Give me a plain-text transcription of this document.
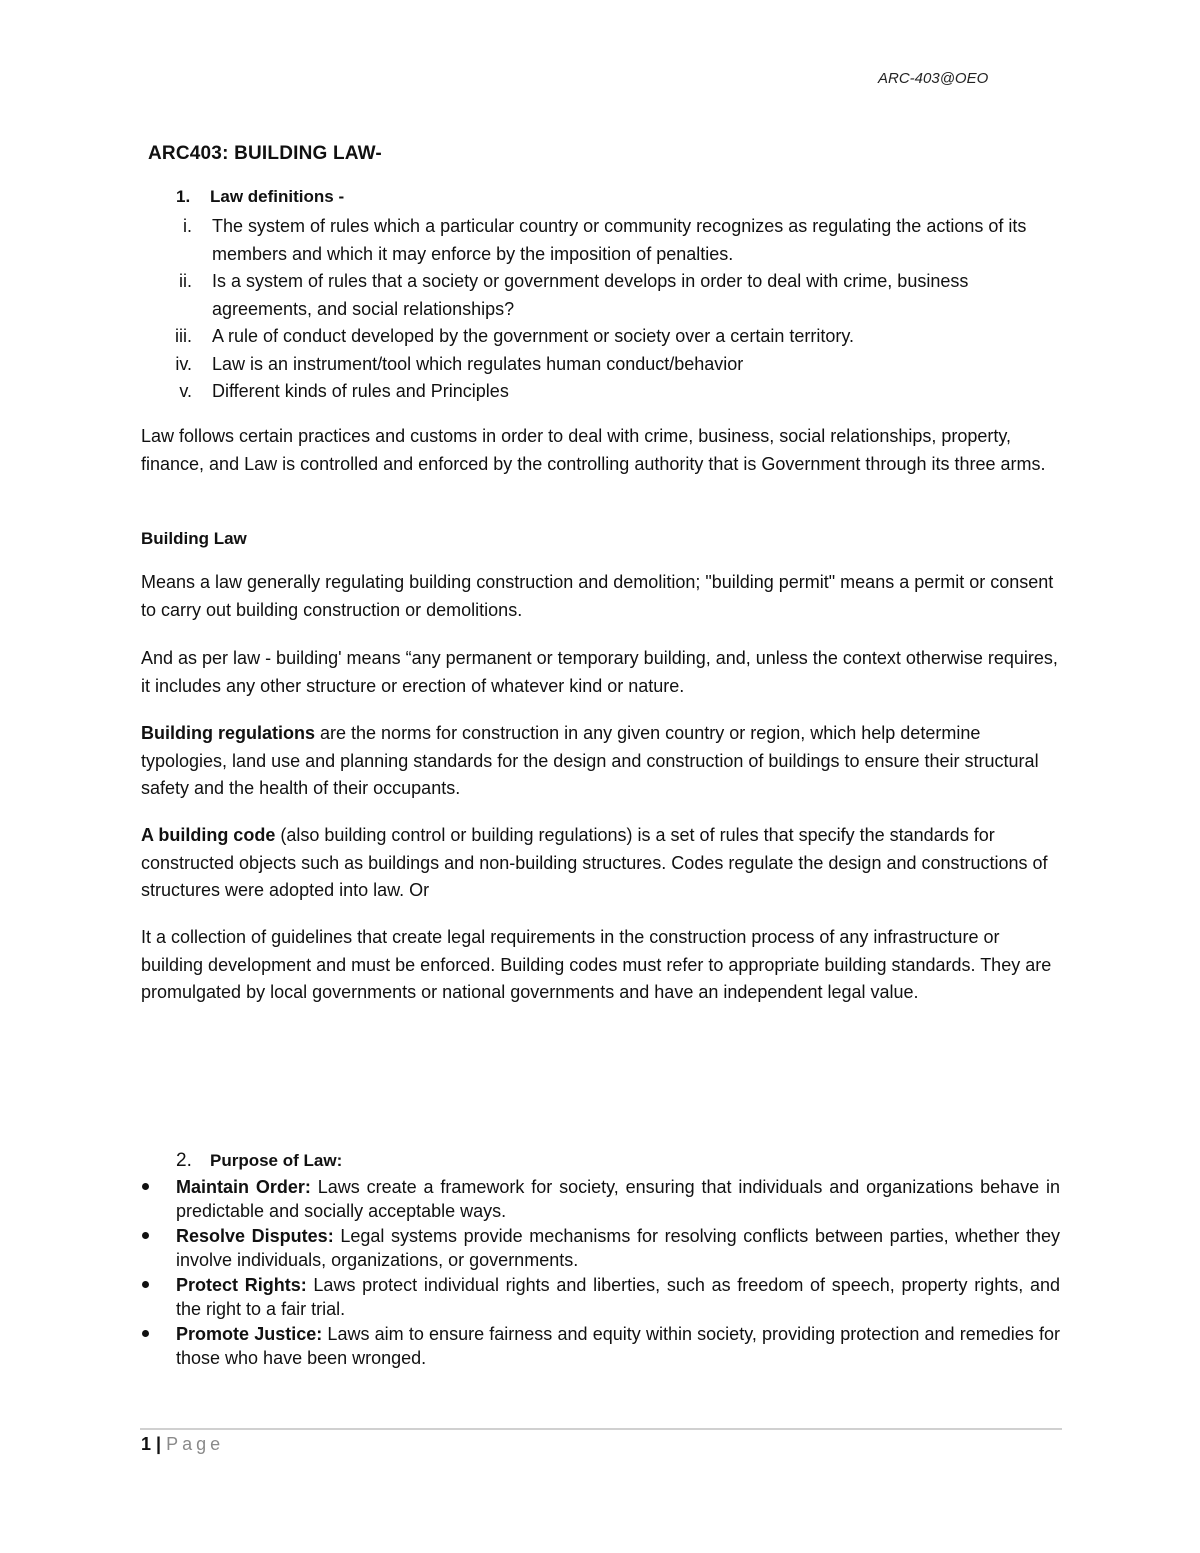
ARC-403@OEO
ARC403: BUILDING LAW-
1. Law definitions -
i. The system of rules which a particular country or community recognizes as regulating the actions of its members and which it may enforce by the imposition of penalties.
ii. Is a system of rules that a society or government develops in order to deal with crime, business agreements, and social relationships?
iii. A rule of conduct developed by the government or society over a certain territory.
iv. Law is an instrument/tool which regulates human conduct/behavior
v. Different kinds of rules and Principles

Law follows certain practices and customs in order to deal with crime, business, social relationships, property, finance, and Law is controlled and enforced by the controlling authority that is Government through its three arms.

Building Law

Means a law generally regulating building construction and demolition; "building permit" means a permit or consent to carry out building construction or demolitions.

And as per law - building' means “any permanent or temporary building, and, unless the context otherwise requires, it includes any other structure or erection of whatever kind or nature.

Building regulations are the norms for construction in any given country or region, which help determine typologies, land use and planning standards for the design and construction of buildings to ensure their structural safety and the health of their occupants.

A building code (also building control or building regulations) is a set of rules that specify the standards for constructed objects such as buildings and non-building structures. Codes regulate the design and constructions of structures were adopted into law. Or

It a collection of guidelines that create legal requirements in the construction process of any infrastructure or building development and must be enforced. Building codes must refer to appropriate building standards. They are promulgated by local governments or national governments and have an independent legal value.

2. Purpose of Law:
Maintain Order: Laws create a framework for society, ensuring that individuals and organizations behave in predictable and socially acceptable ways.
Resolve Disputes: Legal systems provide mechanisms for resolving conflicts between parties, whether they involve individuals, organizations, or governments.
Protect Rights: Laws protect individual rights and liberties, such as freedom of speech, property rights, and the right to a fair trial.
Promote Justice: Laws aim to ensure fairness and equity within society, providing protection and remedies for those who have been wronged.
1 | Page
